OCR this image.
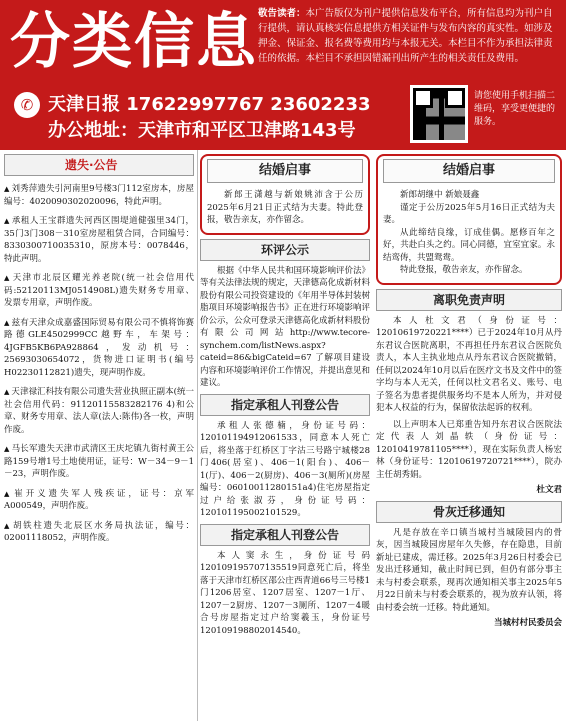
分 类 信 息 敬告读者：本广告版仅为刊户提供信息发布平台，所有信息均为刊户自行提供，请认真核实信息提供方相关证件与发布内容的真实性。如涉及押金、保证金、报名费等费用均与本报无关。本栏目不作为承担法律责任的依据。本栏目不承担因错漏刊出所产生的相关责任及费用。
✆ 天津日报 17622997767 23602233
办公地址：天津市和平区卫津路143号
请您使用手机扫描二维码，享受更便捷的服务。
遗失·公告
▲ 刘秀萍遗失引河南里9号楼3门112室房本，房屋编号：4020090302020096，特此声明。
▲ 承租人王宝群遗失河西区围堤道健强里34门，35门3门308－310室房屋租赁合同，合同编号：8330300710035310，原房本号：0078446，特此声明。
▲ 天津市北辰区耀光养老院(统一社会信用代码:52120113MJ0514908L)遗失财务专用章、发票专用章，声明作废。
▲ 兹有天津众成嘉盛国际贸易有限公司不慎将饰赛路德GLE4502999CC越野车，车架号：4JGFB5KB6PA928864，发动机号：25693030654072，货物进口证明书(编号H02230112821)遗失，现声明作废。
▲ 天津禄汇科技有限公司遗失营业执照正副本(统一社会信用代码：91120115583282176 4)和公章、财务专用章、法人章(法人:陈伟)各一枚，声明作废。
▲ 马长军遗失天津市武清区王庆坨镇九街村黄王公路159号增1号土地使用证，证号：W－34－9－1－23，声明作废。
▲ 崔开义遗失军人残疾证，证号：京军A000549，声明作废。
▲ 胡铁柱遗失北辰区水务局执法证，编号：02001118052，声明作废。
结婚启事
新郎王潇越与新娘姚沛含于公历2025年6月21日正式结为夫妻。特此登报，敬告亲友，亦作留念。
环评公示
根据《中华人民共和国环境影响评价法》等有关法律法规的规定，天津德高化成新材料股份有限公司投资建设的《年用半导体封装树脂项目环境影响报告书》正在进行环境影响评价公示，公众可登录天津德高化成新材料股份有限公司网站http://www.tecore-synchem.com/listNews.aspx?cateid=86&bigCateid=67 了解项目建设内容和环境影响评价工作情况，并提出意见和建议。
指定承租人刊登公告
承租人张德楠，身份证号码：120101194912061533，同意本人死亡后，将坐落于红桥区丁字沽三号路宁城楼28门406(居室)、406－1(阳台)、406－1(厅)、406－2(厨房)、406－3(厕所)(房屋编号：06010011280151a4)住宅房屋指定过户给张淑芬，身份证号码：120101195002101529。
指定承租人刊登公告
本人窦永生，身份证号码120109195707135519同意死亡后，将坐落于天津市红桥区邵公庄西青道66号三号楼1门1206居室、1207居室、1207－1厅、1207－2厨房、1207－3厕所、1207－4暖合号房屋指定过户给窦羲玉，身份证号120109198802014540。
结婚启事
新郎胡继中 新娘聂鑫
谨定于公历2025年5月16日正式结为夫妻。
从此缔结良缘，订成佳偶。愿修百年之好，共赴白头之约。同心同德，宜室宜家。永结鸾俦，共盟鸳鸯。
特此登报，敬告亲友，亦作留念。
离职免责声明
本人杜文君（身份证号：12010619720221****）已于2024年10月从丹东君议合医院离职，不再担任丹东君议合医院负责人，本人主执业地点从丹东君议合医院撤销，任何以2024年10月以后在医疗文书及文件中的签字均与本人无关，任何以杜文君名义、账号、电子签名为患者提供服务均不是本人所为，并对侵犯本人权益的行为，保留依法起诉的权利。
以上声明本人已郑重告知丹东君议合医院法定代表人刘晶轶（身份证号：12010419781105****），现在实际负责人杨宏林（身份证号：12010619720721****），院办主任胡秀娟。
杜文君
骨灰迁移通知
凡是存放在辛口镇当城村当城陵园内的骨灰，因当城陵园房屋年久失修，存在隐患，目前新址已建成，需迁移。2025年3月26日村委会已发出迁移通知，截止时间已到，但仍有部分事主未与村委会联系，现再次通知相关事主2025年5月22日前未与村委会联系的，视为放弃认领，将由村委会统一迁移。特此通知。
当城村村民委员会
